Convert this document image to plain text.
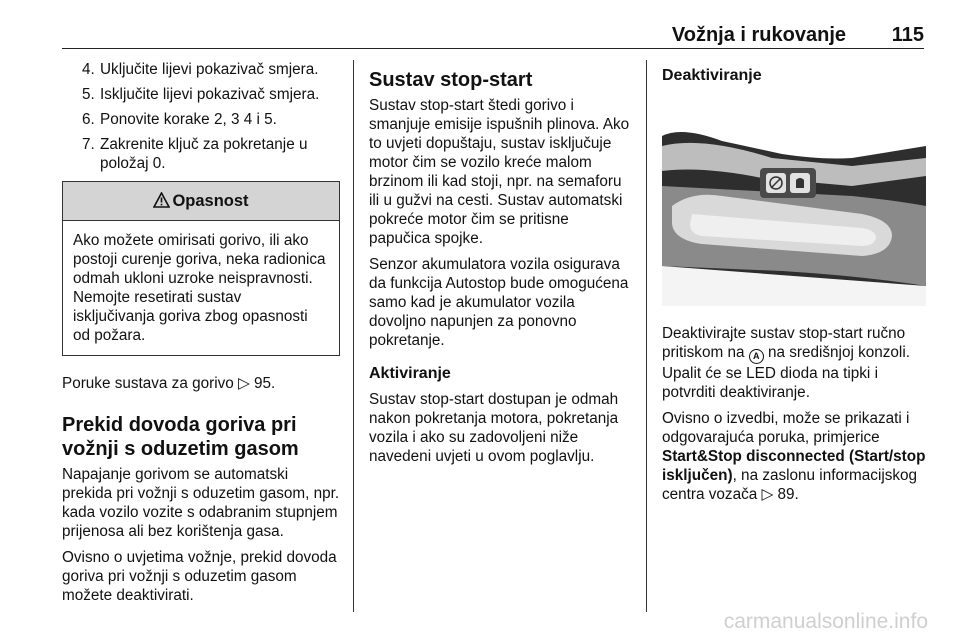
Vožnja i rukovanje 115
4. Uključite lijevi pokazivač smjera.
5. Isključite lijevi pokazivač smjera.
6. Ponovite korake 2, 3 4 i 5.
7. Zakrenite ključ za pokretanje u položaj 0.
Opasnost
Ako možete omirisati gorivo, ili ako postoji curenje goriva, neka radionica odmah ukloni uzroke neispravnosti. Nemojte resetirati sustav isključivanja goriva zbog opasnosti od požara.

Poruke sustava za gorivo ▷ 95.

Prekid dovoda goriva pri vožnji s oduzetim gasom

Napajanje gorivom se automatski prekida pri vožnji s oduzetim gasom, npr. kada vozilo vozite s odabranim stupnjem prijenosa ali bez korištenja gasa.

Ovisno o uvjetima vožnje, prekid dovoda goriva pri vožnji s oduzetim gasom možete deaktivirati.

Sustav stop-start

Sustav stop-start štedi gorivo i smanjuje emisije ispušnih plinova. Ako to uvjeti dopuštaju, sustav isključuje motor čim se vozilo kreće malom brzinom ili kad stoji, npr. na semaforu ili u gužvi na cesti. Sustav automatski pokreće motor čim se pritisne papučica spojke.

Senzor akumulatora vozila osigurava da funkcija Autostop bude omogućena samo kad je akumulator vozila dovoljno napunjen za ponovno pokretanje.

Aktiviranje

Sustav stop-start dostupan je odmah nakon pokretanja motora, pokretanja vozila i ako su zadovoljeni niže navedeni uvjeti u ovom poglavlju.

Deaktiviranje

Deaktivirajte sustav stop-start ručno pritiskom na A na središnjoj konzoli. Upalit će se LED dioda na tipki i potvrditi deaktiviranje.

Ovisno o izvedbi, može se prikazati i odgovarajuća poruka, primjerice Start&Stop disconnected (Start/stop isključen), na zaslonu informacijskog centra vozača ▷ 89.

carmanualsonline.info
